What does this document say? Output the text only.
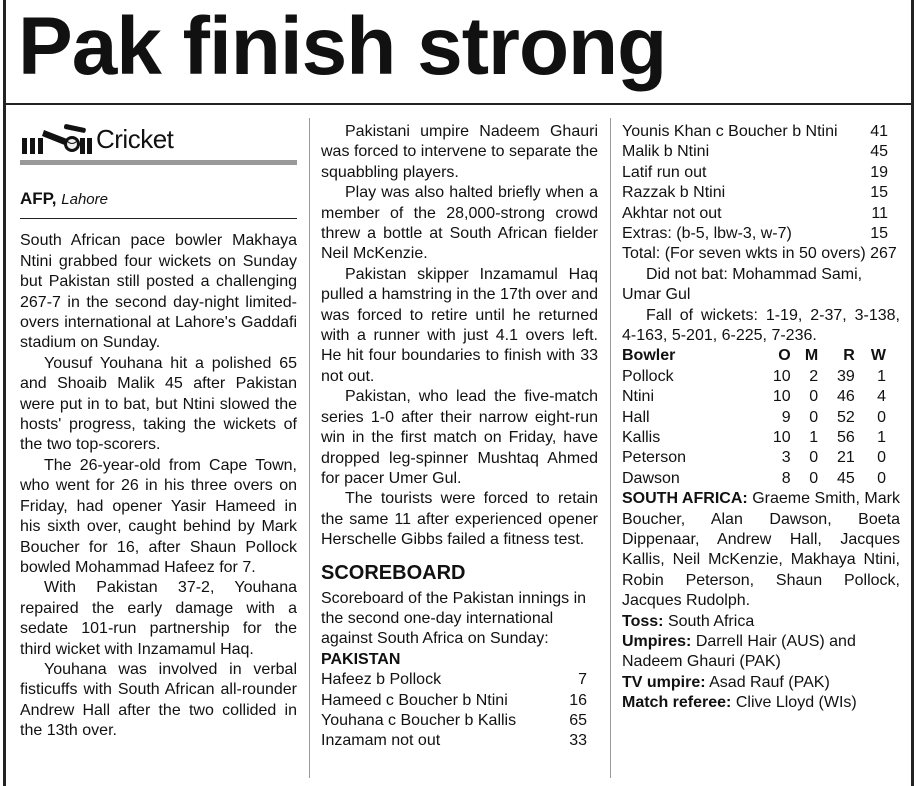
Pak finish strong
Cricket
AFP, Lahore

South African pace bowler Makhaya Ntini grabbed four wickets on Sunday but Pakistan still posted a challenging 267-7 in the second day-night limited-overs international at Lahore's Gaddafi stadium on Sunday.

Yousuf Youhana hit a polished 65 and Shoaib Malik 45 after Pakistan were put in to bat, but Ntini slowed the hosts' progress, taking the wickets of the two top-scorers.

The 26-year-old from Cape Town, who went for 26 in his three overs on Friday, had opener Yasir Hameed in his sixth over, caught behind by Mark Boucher for 16, after Shaun Pollock bowled Mohammad Hafeez for 7.

With Pakistan 37-2, Youhana repaired the early damage with a sedate 101-run partnership for the third wicket with Inzamamul Haq.

Youhana was involved in verbal fisticuffs with South African all-rounder Andrew Hall after the two collided in the 13th over.

Pakistani umpire Nadeem Ghauri was forced to intervene to separate the squabbling players.

Play was also halted briefly when a member of the 28,000-strong crowd threw a bottle at South African fielder Neil McKenzie.

Pakistan skipper Inzamamul Haq pulled a hamstring in the 17th over and was forced to retire until he returned with a runner with just 4.1 overs left. He hit four boundaries to finish with 33 not out.

Pakistan, who lead the five-match series 1-0 after their narrow eight-run win in the first match on Friday, have dropped leg-spinner Mushtaq Ahmed for pacer Umer Gul.

The tourists were forced to retain the same 11 after experienced opener Herschelle Gibbs failed a fitness test.

SCOREBOARD

Scoreboard of the Pakistan innings in the second one-day international against South Africa on Sunday:

PAKISTAN
Hafeez b Pollock	7
Hameed c Boucher b Ntini	16
Youhana c Boucher b Kallis	65
Inzamam not out	33
Younis Khan c Boucher b Ntini 41
Malik b Ntini	45
Latif run out	19
Razzak b Ntini	15
Akhtar not out	11
Extras: (b-5, lbw-3, w-7)	15

Total: (For seven wkts in 50 overs) 267

Did not bat: Mohammad Sami, Umar Gul

Fall of wickets: 1-19, 2-37, 3-138, 4-163, 5-201, 6-225, 7-236.

Bowler	O	M	R	W
Pollock	10	2	39	1
Ntini	10	0	46	4
Hall	9	0	52	0
Kallis	10	1	56	1
Peterson	3	0	21	0
Dawson	8	0	45	0

SOUTH AFRICA: Graeme Smith, Mark Boucher, Alan Dawson, Boeta Dippenaar, Andrew Hall, Jacques Kallis, Neil McKenzie, Makhaya Ntini, Robin Peterson, Shaun Pollock, Jacques Rudolph.

Toss: South Africa

Umpires: Darrell Hair (AUS) and Nadeem Ghauri (PAK)

TV umpire: Asad Rauf (PAK)

Match referee: Clive Lloyd (WIs)
